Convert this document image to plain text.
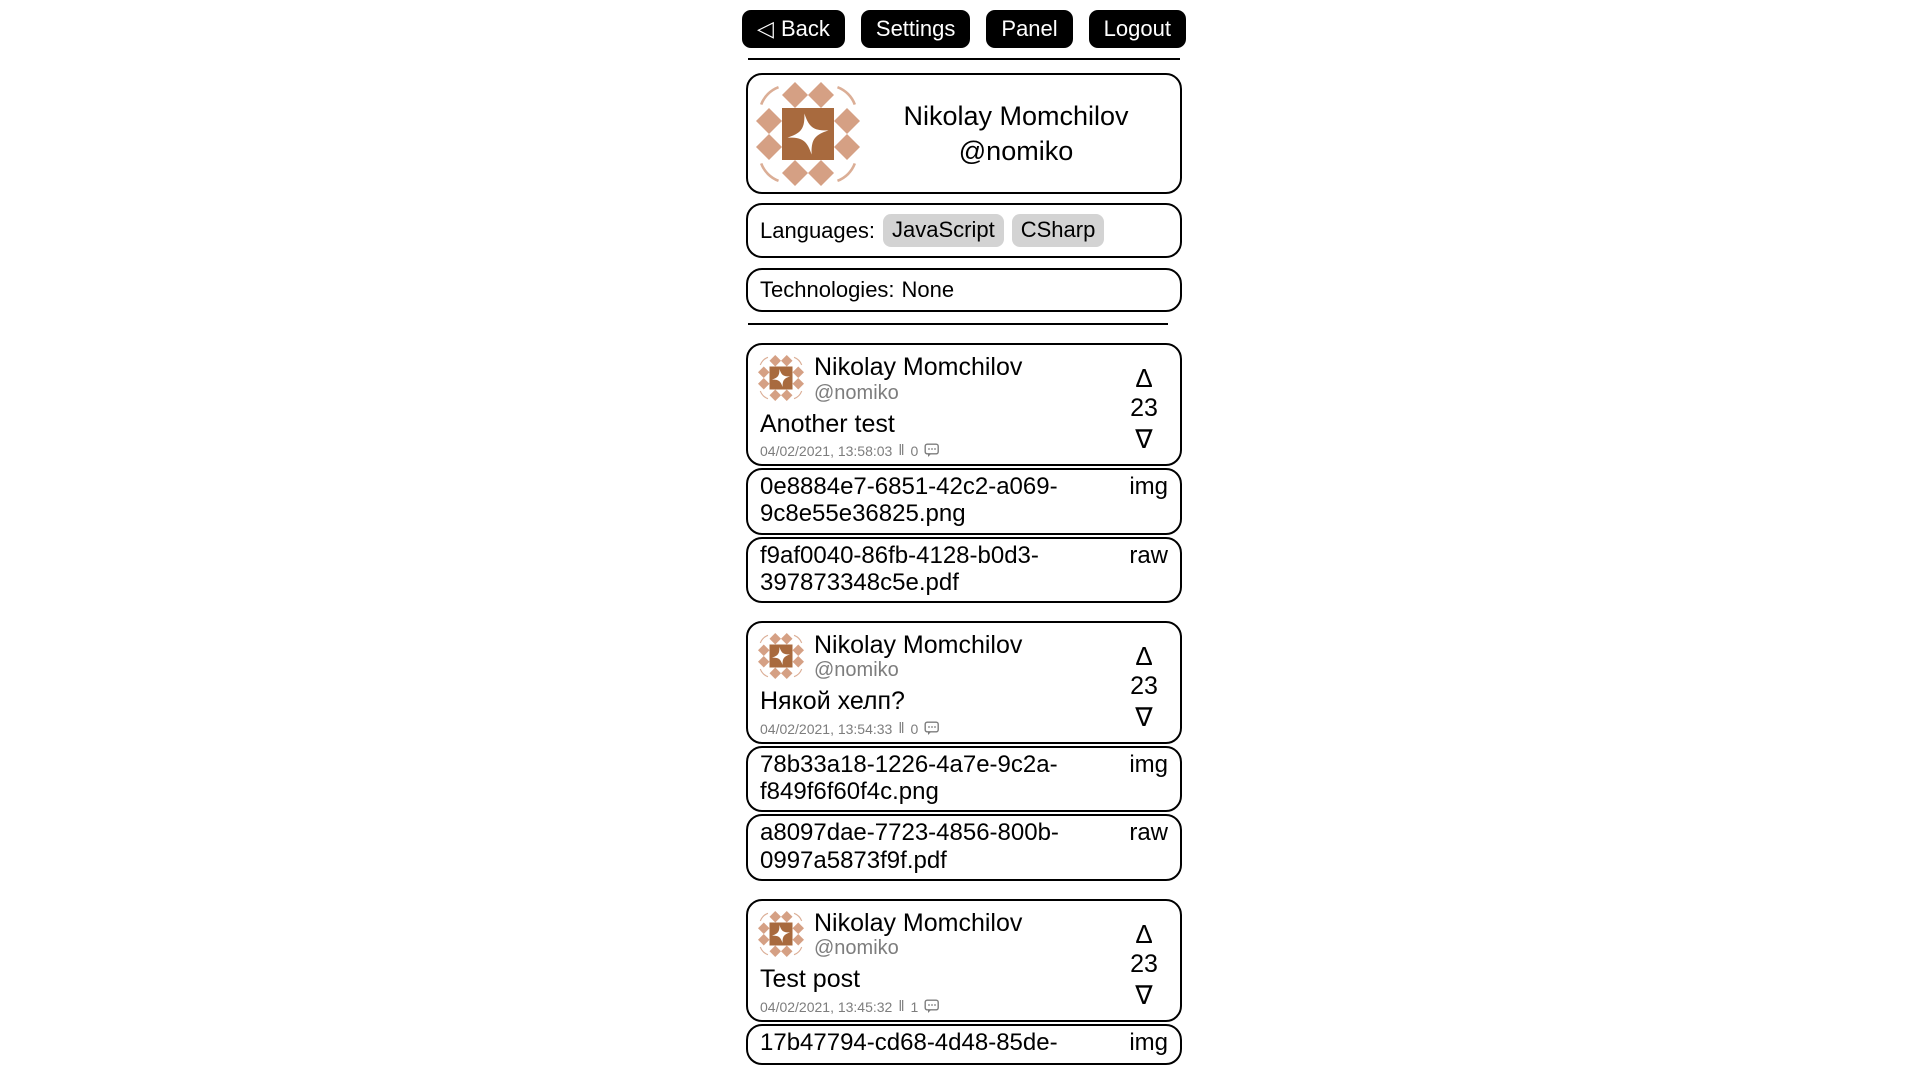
◁ Back	Settings	Panel	Logout
Nikolay Momchilov
@nomiko
Languages: JavaScript	CSharp
Technologies: None
Nikolay Momchilov
@nomiko
Another test
04/02/2021, 13:58:03 ‖ 0
Δ
23
∇
0e8884e7-6851-42c2-a069-9c8e55e36825.png
img
f9af0040-86fb-4128-b0d3-397873348c5e.pdf
raw
Nikolay Momchilov
@nomiko
Някой хелп?
04/02/2021, 13:54:33 ‖ 0
Δ
23
∇
78b33a18-1226-4a7e-9c2a-f849f6f60f4c.png
img
a8097dae-7723-4856-800b-0997a5873f9f.pdf
raw
Nikolay Momchilov
@nomiko
Test post
04/02/2021, 13:45:32 ‖ 1
Δ
23
∇
17b47794-cd68-4d48-85de-	img
